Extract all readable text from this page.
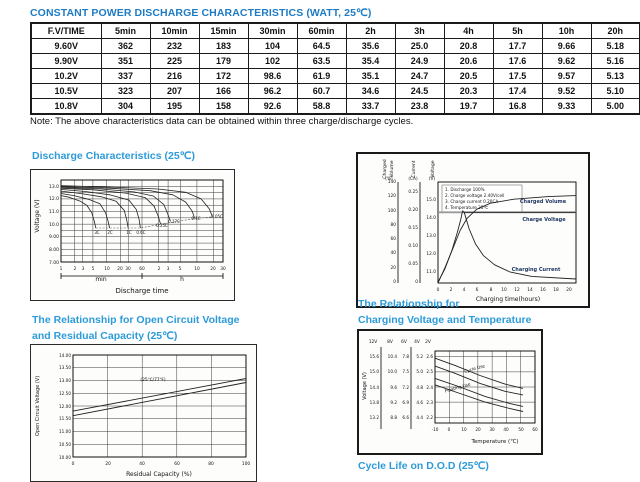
CONSTANT POWER DISCHARGE CHARACTERISTICS (WATT, 25℃)
F.V/TIME	5min	10min	15min	30min	60min	2h	3h	4h	5h	10h	20h
9.60V	362	232	183	104	64.5	35.6	25.0	20.8	17.7	9.66	5.18
9.90V	351	225	179	102	63.5	35.4	24.9	20.6	17.6	9.62	5.16
10.2V	337	216	172	98.6	61.9	35.1	24.7	20.5	17.5	9.57	5.13
10.5V	323	207	166	96.2	60.7	34.6	24.5	20.3	17.4	9.52	5.10
10.8V	304	195	158	92.6	58.8	33.7	23.8	19.7	16.8	9.33	5.00
Note: The above characteristics data can be obtained within three charge/discharge cycles.
Discharge Characteristics (25℃)
Voltage (V)
13.0
12.0
11.0
10.0
9.00
8.00
7.00
1	2 3 5 10 20 30 60	2 3 5	10 20 30
min	h
Discharge time
3C 2C	1C 0.6C
0.25C
0.17C
0.1C	0.05C
Charged Volume	Current	Voltage
(%)	(CA)	(V)
140
120
100
80
60
40
20
0
0.25
0.20
0.15
0.10
0.05
0
15.0
14.0
13.0
12.0
11.0
0 2 4 6	8 10 12 14 16 18 20
Charging time(hours)
1. Discharge 100%
2. Charge voltage 2.40V/cell
3. Charge current 0.20CA
4. Temperature 25℃
Charged Volume
Charge Voltage
Charging Current
The Relationship for Open Circuit Voltage
and Residual Capacity (25℃)
Open Circuit Voltage (V)
14.00
13.50
13.00
12.50
12.00
11.50
11.00
10.50
10.00
0	20	40	60	80	100
Residual Capacity (%)
(25℃/77℉)
The Relationship for
Charging Voltage and Temperature
Voltage (V)
12V 8V 6V 4V 2V
15.6
15.0
14.4
13.8
13.2
10.4
10.0
9.6
9.2
8.8
7.8
7.5
7.2
6.9
6.6
5.2
5.0
4.8
4.6
4.4
2.6
2.5
2.4
2.3
2.2
-10 0	10 20 30 40 50 60
Temperature (℃)
Cycle Use
Floating Use
Cycle Life on D.O.D (25℃)
